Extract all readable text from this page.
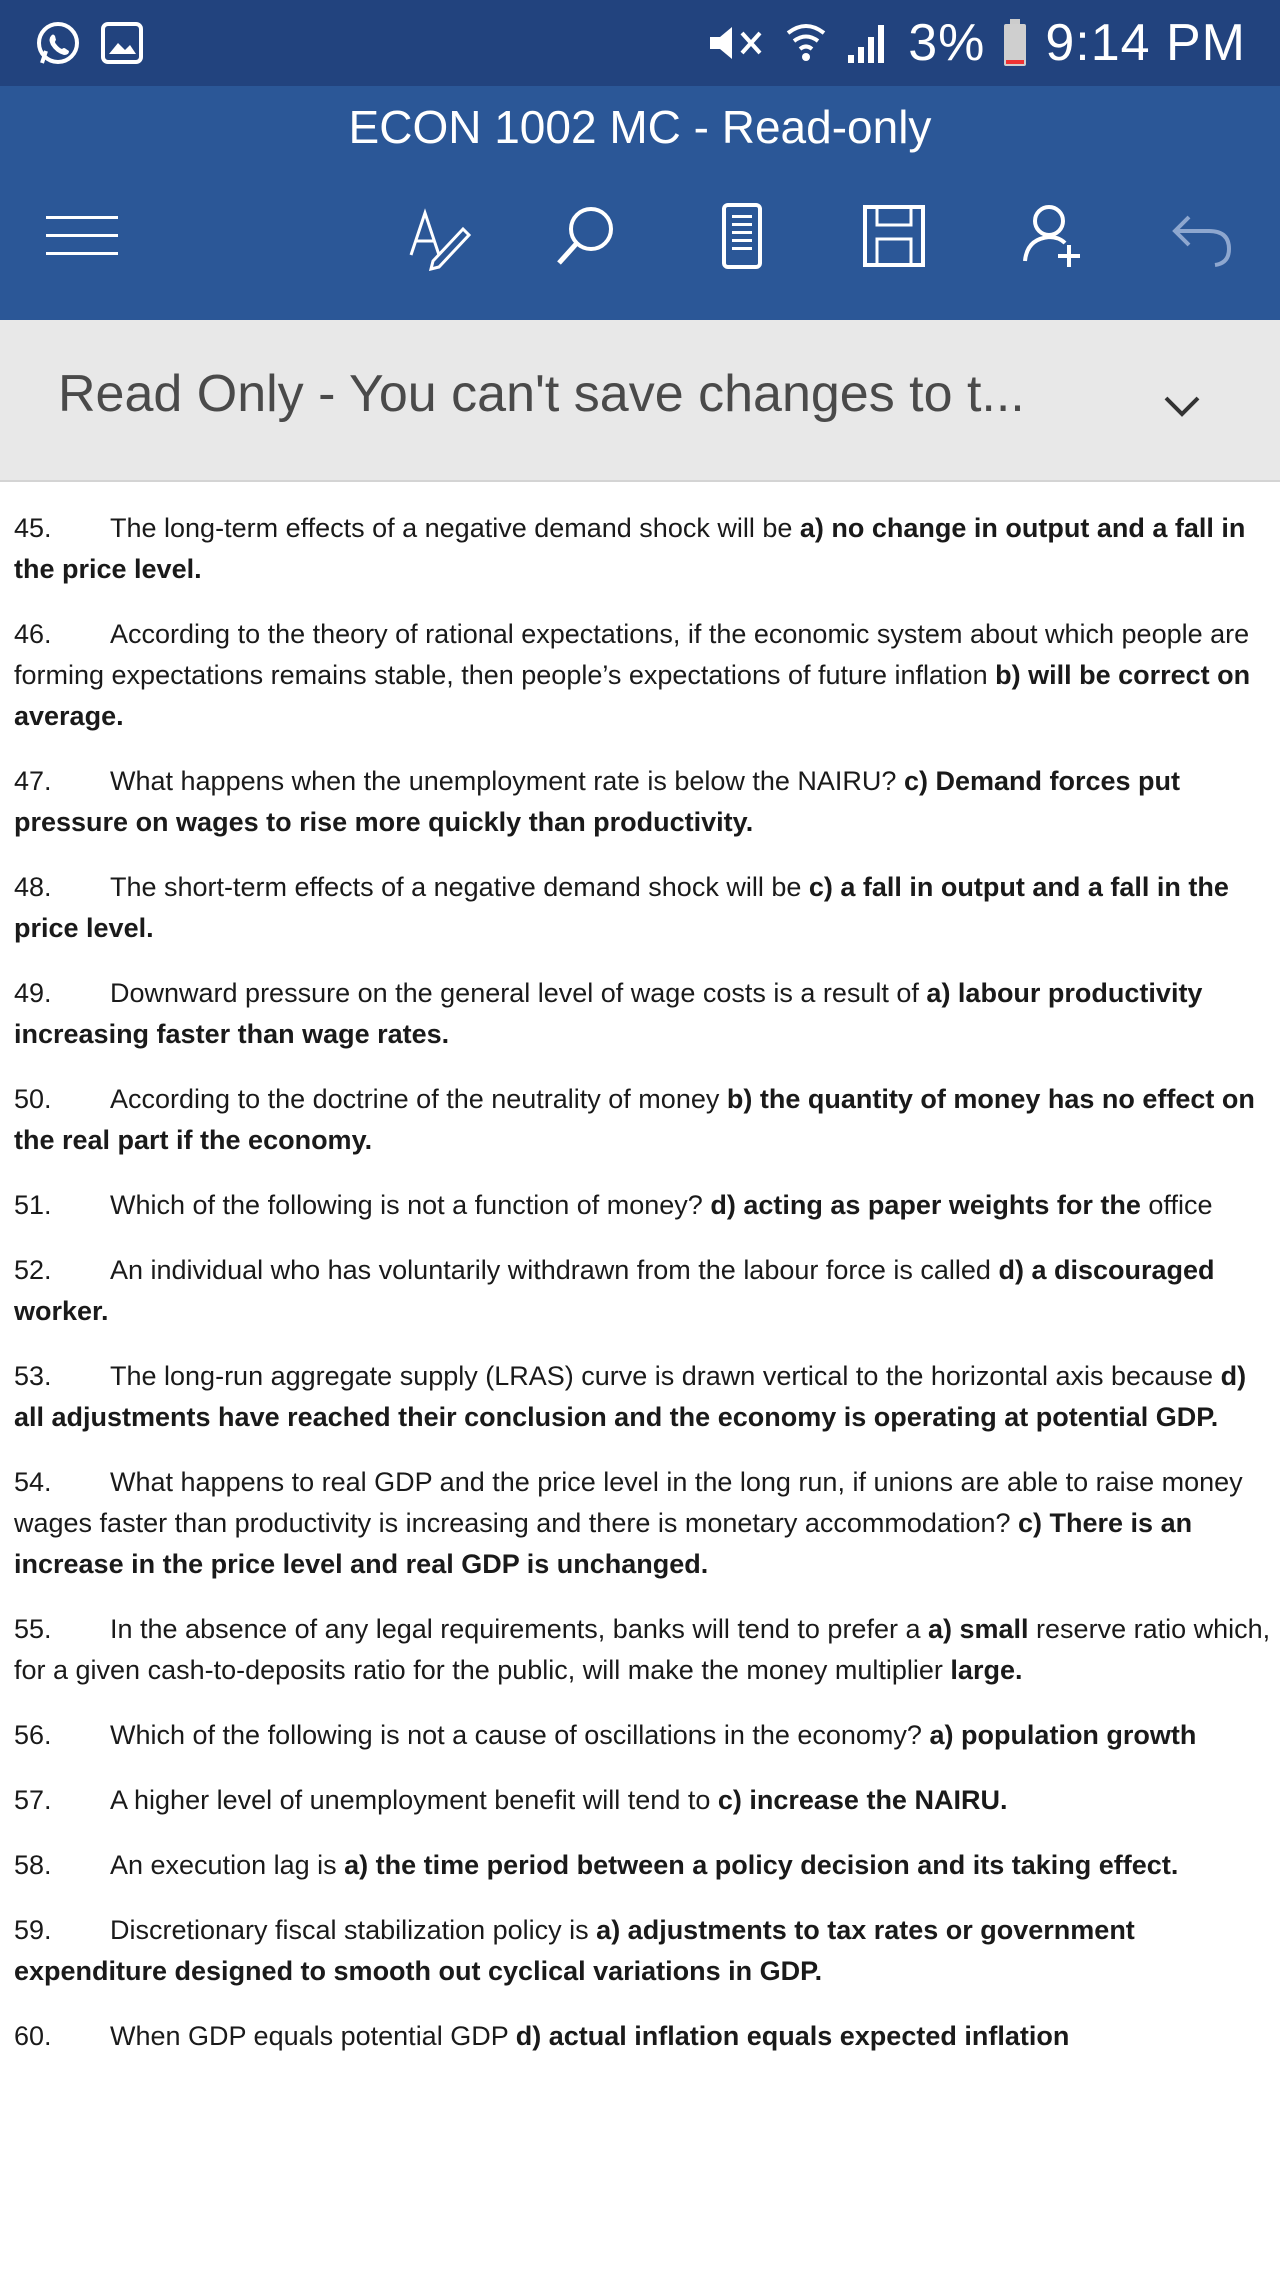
3% 9:14 PM
ECON 1002 MC - Read-only
Read Only - You can't save changes to t...

45. The long-term effects of a negative demand shock will be a) no change in output and a fall in the price level.

46. According to the theory of rational expectations, if the economic system about which people are forming expectations remains stable, then people’s expectations of future inflation b) will be correct on average.

47. What happens when the unemployment rate is below the NAIRU? c) Demand forces put pressure on wages to rise more quickly than productivity.

48. The short-term effects of a negative demand shock will be c) a fall in output and a fall in the price level.

49. Downward pressure on the general level of wage costs is a result of a) labour productivity increasing faster than wage rates.

50. According to the doctrine of the neutrality of money b) the quantity of money has no effect on the real part if the economy.

51. Which of the following is not a function of money? d) acting as paper weights for the office

52. An individual who has voluntarily withdrawn from the labour force is called d) a discouraged worker.

53. The long-run aggregate supply (LRAS) curve is drawn vertical to the horizontal axis because d) all adjustments have reached their conclusion and the economy is operating at potential GDP.

54. What happens to real GDP and the price level in the long run, if unions are able to raise money wages faster than productivity is increasing and there is monetary accommodation? c) There is an increase in the price level and real GDP is unchanged.

55. In the absence of any legal requirements, banks will tend to prefer a a) small reserve ratio which, for a given cash-to-deposits ratio for the public, will make the money multiplier large.

56. Which of the following is not a cause of oscillations in the economy? a) population growth

57. A higher level of unemployment benefit will tend to c) increase the NAIRU.

58. An execution lag is a) the time period between a policy decision and its taking effect.

59. Discretionary fiscal stabilization policy is a) adjustments to tax rates or government expenditure designed to smooth out cyclical variations in GDP.

60. When GDP equals potential GDP d) actual inflation equals expected inflation
